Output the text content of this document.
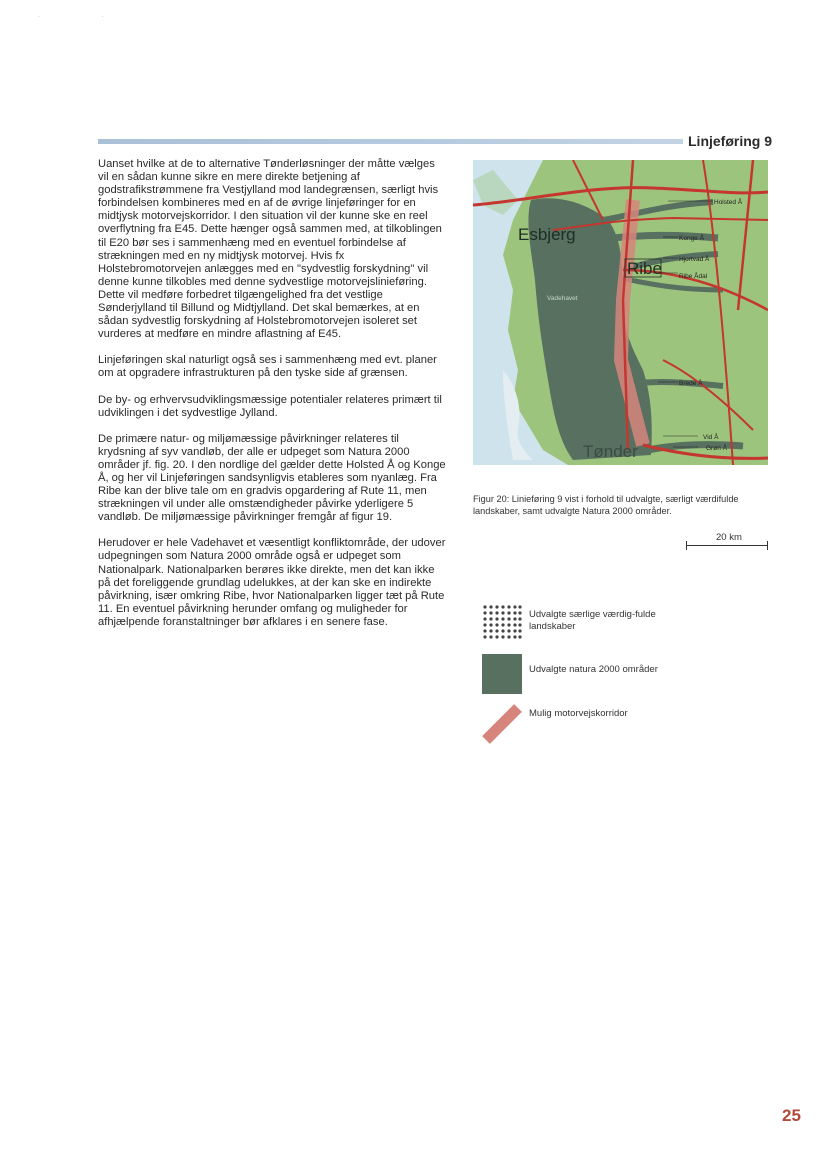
· ·
Linjeføring 9

Uanset hvilke at de to alternative Tønderløsninger der måtte vælges vil en sådan kunne sikre en mere direkte betjening af godstrafikstrømmene fra Vestjylland mod landegrænsen, særligt hvis forbindelsen kombineres med en af de øvrige linjeføringer for en midtjysk motorvejskorridor. I den situation vil der kunne ske en reel overflytning fra E45. Dette hænger også sammen med, at tilkoblingen til E20 bør ses i sammenhæng med en eventuel forbindelse af strækningen med en ny midtjysk motorvej. Hvis fx Holstebromotorvejen anlægges med en "sydvestlig forskydning" vil denne kunne tilkobles med denne sydvestlige motorvejslinieføring. Dette vil medføre forbedret tilgængelighed fra det vestlige Sønderjylland til Billund og Midtjylland. Det skal bemærkes, at en sådan sydvestlig forskydning af Holstebromotorvejen isoleret set vurderes at medføre en mindre aflastning af E45.

Linjeføringen skal naturligt også ses i sammenhæng med evt. planer om at opgradere infrastrukturen på den tyske side af grænsen.

De by- og erhvervsudviklingsmæssige potentialer relateres primært til udviklingen i det sydvestlige Jylland.

De primære natur- og miljømæssige påvirkninger relateres til krydsning af syv vandløb, der alle er udpeget som Natura 2000 områder jf. fig. 20. I den nordlige del gælder dette Holsted Å og Konge Å, og her vil Linjeføringen sandsynligvis etableres som nyanlæg. Fra Ribe kan der blive tale om en gradvis opgardering af Rute 11, men strækningen vil under alle omstændigheder påvirke yderligere 5 vandløb. De miljømæssige påvirkninger fremgår af figur 19.

Herudover er hele Vadehavet et væsentligt konfliktområde, der udover udpegningen som Natura 2000 område også er udpeget som Nationalpark. Nationalparken berøres ikke direkte, men det kan ikke på det foreliggende grundlag udelukkes, at der kan ske en indirekte påvirkning, især omkring Ribe, hvor Nationalparken ligger tæt på Rute 11. En eventuel påvirkning herunder omfang og muligheder for afhjælpende foranstaltninger bør afklares i en senere fase.

Esbjerg
Ribe
Tønder
Vadehavet
Holsted Å
Konge Å
Hjortvad Å
Ribe Ådal
Brede Å
Vid Å
Grøn Å
Figur 20: Linieføring 9 vist i forhold til udvalgte, særligt værdifulde landskaber, samt udvalgte Natura 2000 områder.
20 km
Udvalgte særlige værdig-fulde landskaber
Udvalgte natura 2000 områder
Mulig motorvejskorridor
25
